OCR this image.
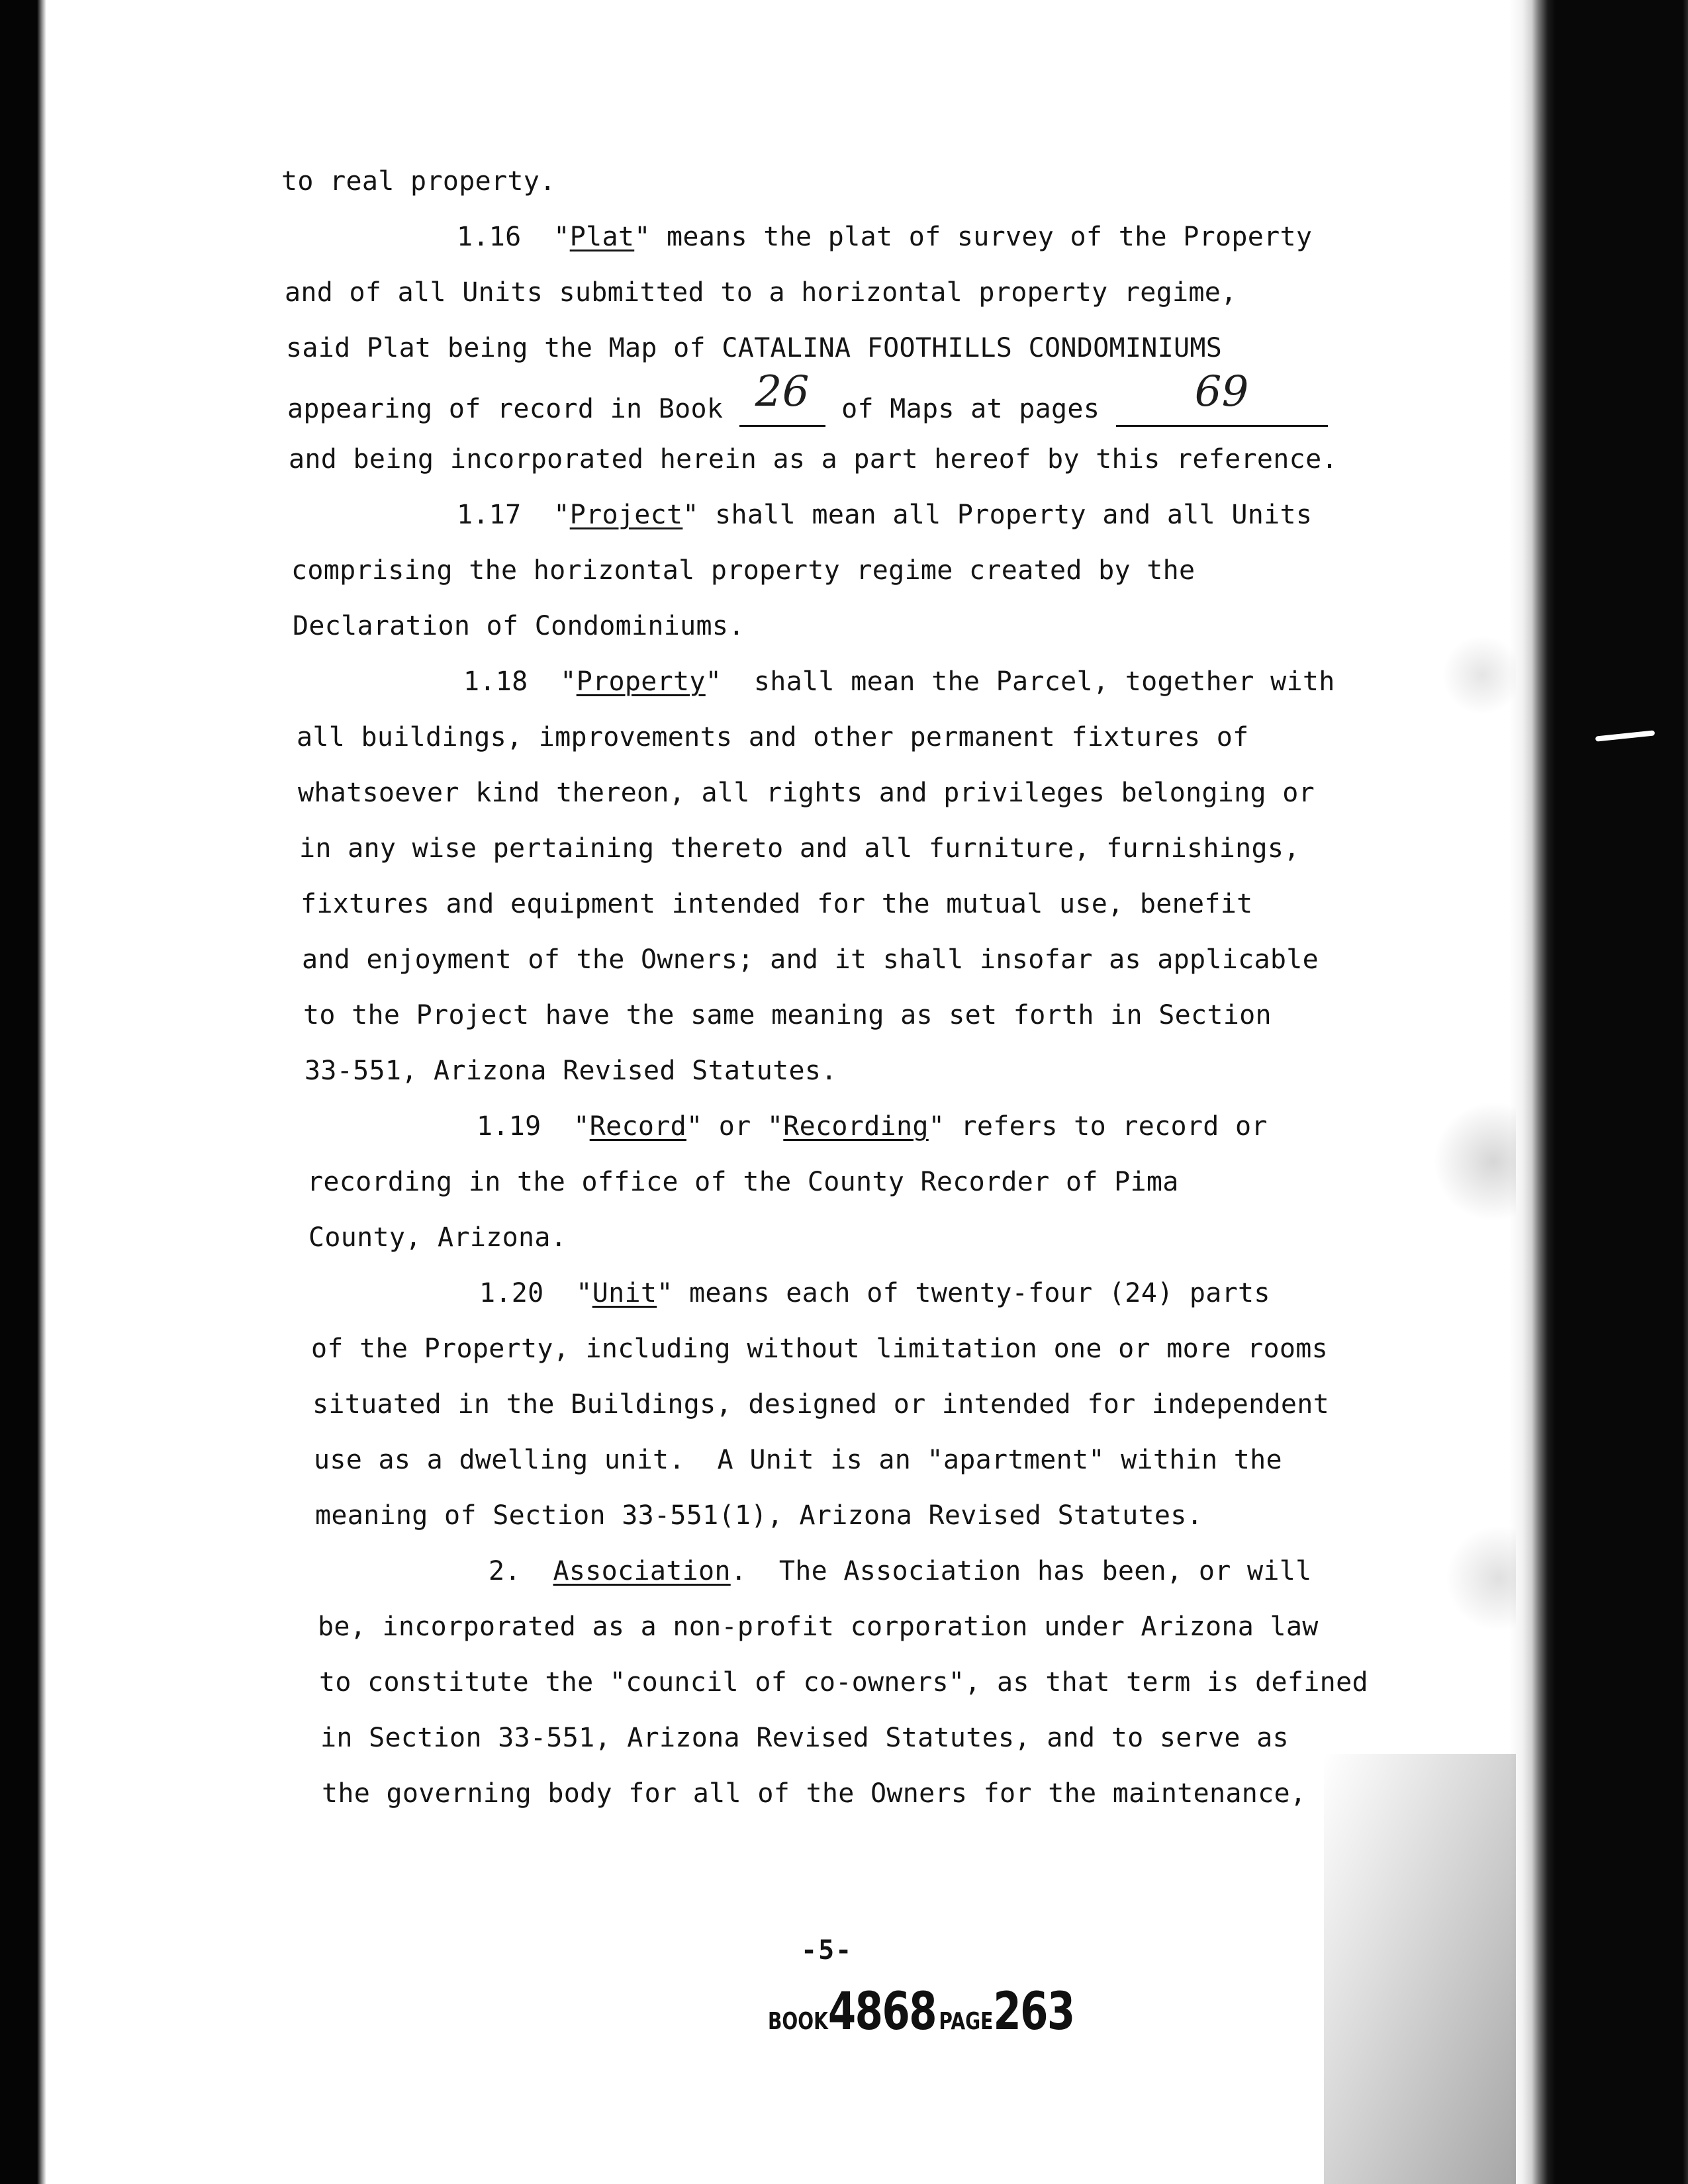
to real property.
1.16 "Plat" means the plat of survey of the Property
and of all Units submitted to a horizontal property regime,
said Plat being the Map of CATALINA FOOTHILLS CONDOMINIUMS
appearing of record in Book 26 of Maps at pages 69
and being incorporated herein as a part hereof by this reference.
1.17 "Project" shall mean all Property and all Units
comprising the horizontal property regime created by the
Declaration of Condominiums.
1.18 "Property"  shall mean the Parcel, together with
all buildings, improvements and other permanent fixtures of
whatsoever kind thereon, all rights and privileges belonging or
in any wise pertaining thereto and all furniture, furnishings,
fixtures and equipment intended for the mutual use, benefit
and enjoyment of the Owners; and it shall insofar as applicable
to the Project have the same meaning as set forth in Section
33-551, Arizona Revised Statutes.
1.19 "Record" or "Recording" refers to record or
recording in the office of the County Recorder of Pima
County, Arizona.
1.20 "Unit" means each of twenty-four (24) parts
of the Property, including without limitation one or more rooms
situated in the Buildings, designed or intended for independent
use as a dwelling unit.  A Unit is an "apartment" within the
meaning of Section 33-551(1), Arizona Revised Statutes.
2. Association.  The Association has been, or will
be, incorporated as a non-profit corporation under Arizona law
to constitute the "council of co-owners", as that term is defined
in Section 33-551, Arizona Revised Statutes, and to serve as
the governing body for all of the Owners for the maintenance,
-5-
BOOK4868 PAGE263
